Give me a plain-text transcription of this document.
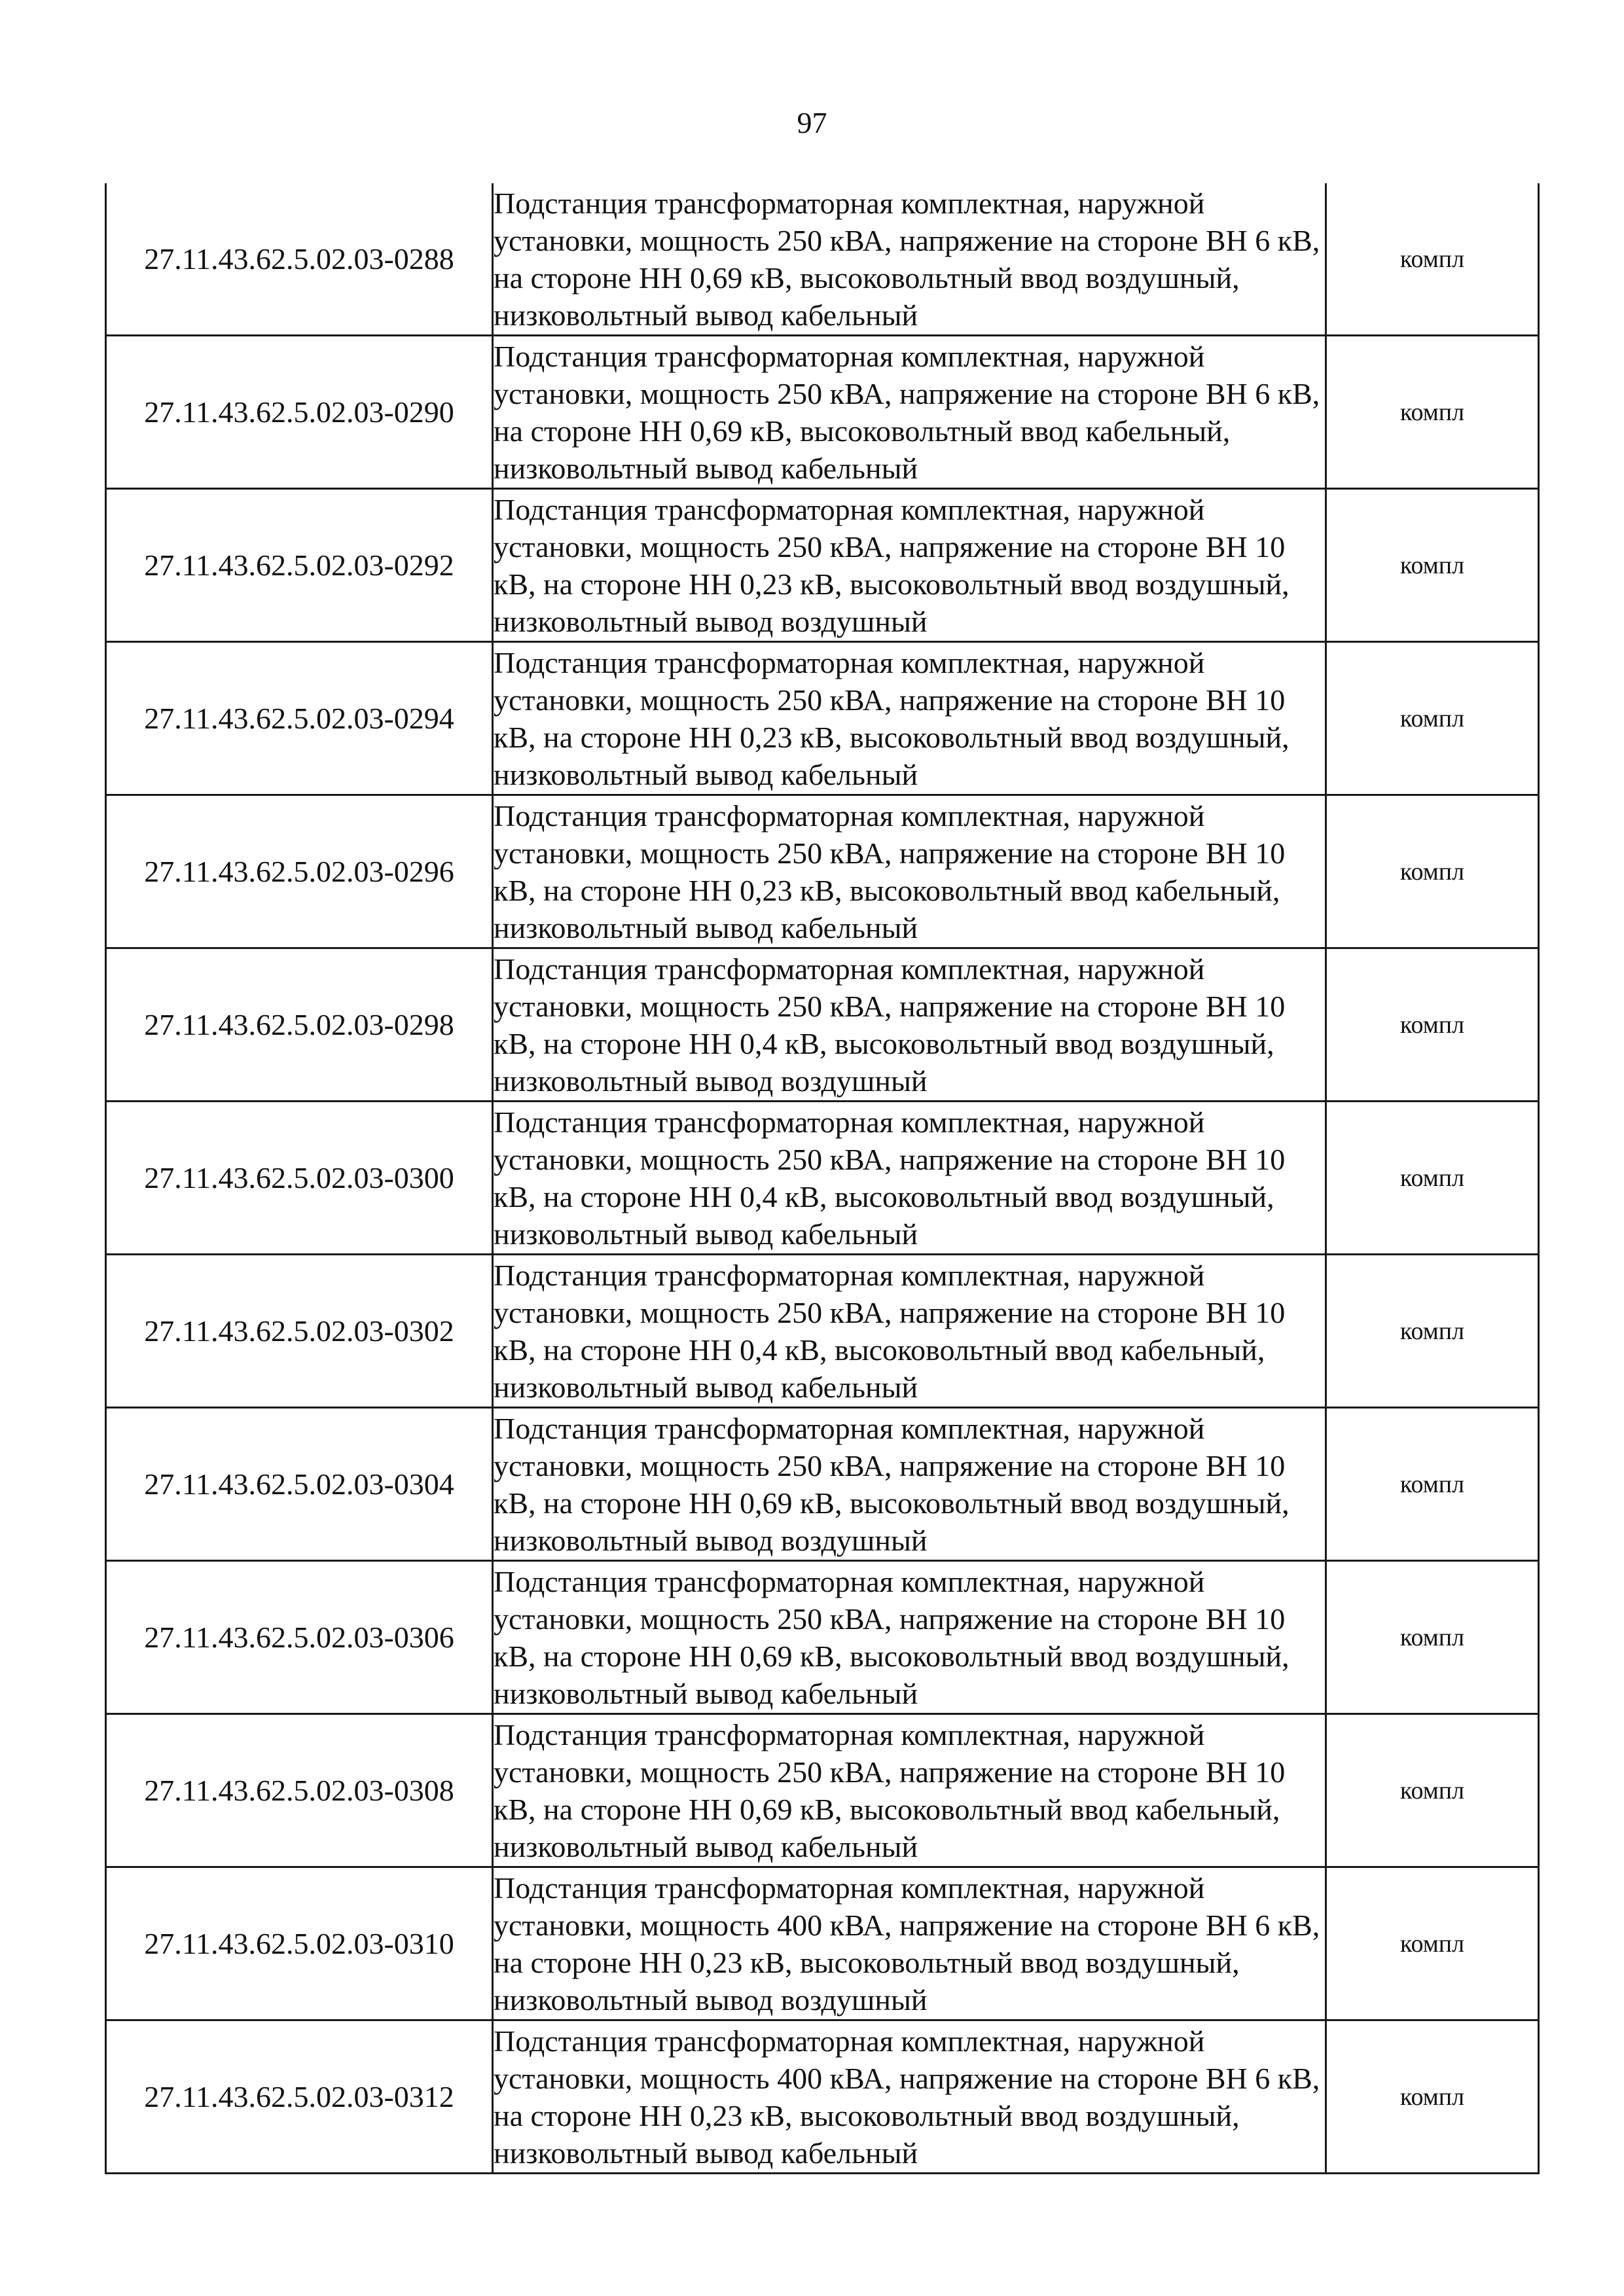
97
27.11.43.62.5.02.03-0288	Подстанция трансформаторная комплектная, наружной установки, мощность 250 кВА, напряжение на стороне ВН 6 кВ, на стороне НН 0,69 кВ, высоковольтный ввод воздушный, низковольтный вывод кабельный	компл
27.11.43.62.5.02.03-0290	Подстанция трансформаторная комплектная, наружной установки, мощность 250 кВА, напряжение на стороне ВН 6 кВ, на стороне НН 0,69 кВ, высоковольтный ввод кабельный, низковольтный вывод кабельный	компл
27.11.43.62.5.02.03-0292	Подстанция трансформаторная комплектная, наружной установки, мощность 250 кВА, напряжение на стороне ВН 10 кВ, на стороне НН 0,23 кВ, высоковольтный ввод воздушный, низковольтный вывод воздушный	компл
27.11.43.62.5.02.03-0294	Подстанция трансформаторная комплектная, наружной установки, мощность 250 кВА, напряжение на стороне ВН 10 кВ, на стороне НН 0,23 кВ, высоковольтный ввод воздушный, низковольтный вывод кабельный	компл
27.11.43.62.5.02.03-0296	Подстанция трансформаторная комплектная, наружной установки, мощность 250 кВА, напряжение на стороне ВН 10 кВ, на стороне НН 0,23 кВ, высоковольтный ввод кабельный, низковольтный вывод кабельный	компл
27.11.43.62.5.02.03-0298	Подстанция трансформаторная комплектная, наружной установки, мощность 250 кВА, напряжение на стороне ВН 10 кВ, на стороне НН 0,4 кВ, высоковольтный ввод воздушный, низковольтный вывод воздушный	компл
27.11.43.62.5.02.03-0300	Подстанция трансформаторная комплектная, наружной установки, мощность 250 кВА, напряжение на стороне ВН 10 кВ, на стороне НН 0,4 кВ, высоковольтный ввод воздушный, низковольтный вывод кабельный	компл
27.11.43.62.5.02.03-0302	Подстанция трансформаторная комплектная, наружной установки, мощность 250 кВА, напряжение на стороне ВН 10 кВ, на стороне НН 0,4 кВ, высоковольтный ввод кабельный, низковольтный вывод кабельный	компл
27.11.43.62.5.02.03-0304	Подстанция трансформаторная комплектная, наружной установки, мощность 250 кВА, напряжение на стороне ВН 10 кВ, на стороне НН 0,69 кВ, высоковольтный ввод воздушный, низковольтный вывод воздушный	компл
27.11.43.62.5.02.03-0306	Подстанция трансформаторная комплектная, наружной установки, мощность 250 кВА, напряжение на стороне ВН 10 кВ, на стороне НН 0,69 кВ, высоковольтный ввод воздушный, низковольтный вывод кабельный	компл
27.11.43.62.5.02.03-0308	Подстанция трансформаторная комплектная, наружной установки, мощность 250 кВА, напряжение на стороне ВН 10 кВ, на стороне НН 0,69 кВ, высоковольтный ввод кабельный, низковольтный вывод кабельный	компл
27.11.43.62.5.02.03-0310	Подстанция трансформаторная комплектная, наружной установки, мощность 400 кВА, напряжение на стороне ВН 6 кВ, на стороне НН 0,23 кВ, высоковольтный ввод воздушный, низковольтный вывод воздушный	компл
27.11.43.62.5.02.03-0312	Подстанция трансформаторная комплектная, наружной установки, мощность 400 кВА, напряжение на стороне ВН 6 кВ, на стороне НН 0,23 кВ, высоковольтный ввод воздушный, низковольтный вывод кабельный	компл
